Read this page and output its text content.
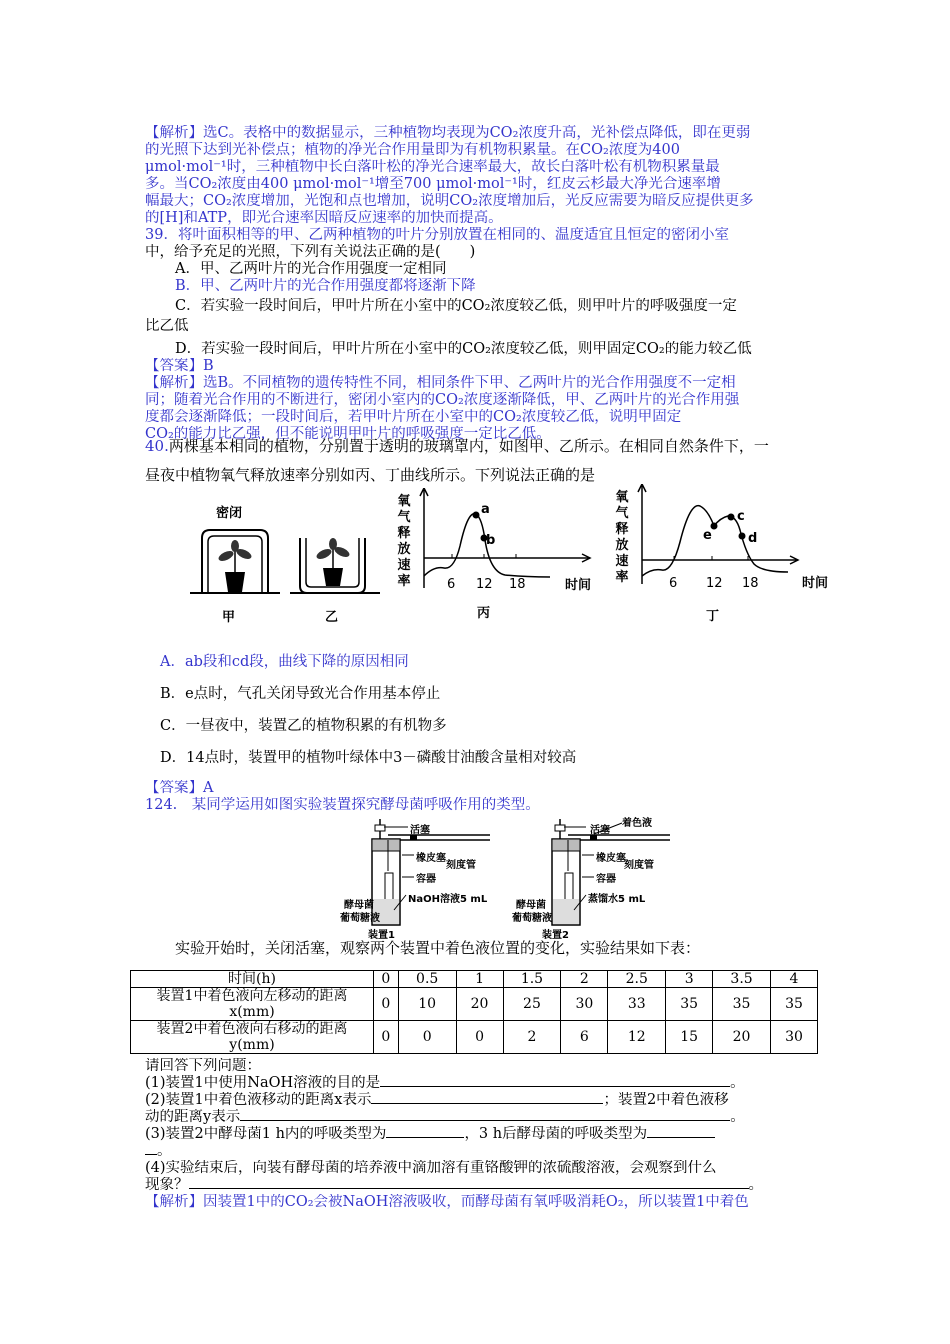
【解析】选C。表格中的数据显示，三种植物均表现为CO₂浓度升高，光补偿点降低，即在更弱
的光照下达到光补偿点；植物的净光合作用量即为有机物积累量。在CO₂浓度为400
μmol·mol⁻¹时，三种植物中长白落叶松的净光合速率最大，故长白落叶松有机物积累量最
多。当CO₂浓度由400 μmol·mol⁻¹增至700 μmol·mol⁻¹时，红皮云杉最大净光合速率增
幅最大；CO₂浓度增加，光饱和点也增加，说明CO₂浓度增加后，光反应需要为暗反应提供更多
的[H]和ATP，即光合速率因暗反应速率的加快而提高。
39．将叶面积相等的甲、乙两种植物的叶片分别放置在相同的、温度适宜且恒定的密闭小室
中，给予充足的光照，下列有关说法正确的是(　　)
A．甲、乙两叶片的光合作用强度一定相同
B．甲、乙两叶片的光合作用强度都将逐渐下降
C．若实验一段时间后，甲叶片所在小室中的CO₂浓度较乙低，则甲叶片的呼吸强度一定
比乙低
D．若实验一段时间后，甲叶片所在小室中的CO₂浓度较乙低，则甲固定CO₂的能力较乙低
【答案】B
【解析】选B。不同植物的遗传特性不同，相同条件下甲、乙两叶片的光合作用强度不一定相
同；随着光合作用的不断进行，密闭小室内的CO₂浓度逐渐降低，甲、乙两叶片的光合作用强
度都会逐渐降低；一段时间后，若甲叶片所在小室中的CO₂浓度较乙低，说明甲固定
CO₂的能力比乙强，但不能说明甲叶片的呼吸强度一定比乙低。
40.两棵基本相同的植物，分别置于透明的玻璃罩内，如图甲、乙所示。在相同自然条件下，一
昼夜中植物氧气释放速率分别如丙、丁曲线所示。下列说法正确的是
密闭
甲	乙
氧气释放速率
a
b
6 12 18	时间
丙
氧气释放速率
e
c
d
6 12 18	时间
丁
A．ab段和cd段，曲线下降的原因相同
B．e点时，气孔关闭导致光合作用基本停止
C．一昼夜中，装置乙的植物积累的有机物多
D．14点时，装置甲的植物叶绿体中3－磷酸甘油酸含量相对较高
【答案】A
124.　某同学运用如图实验装置探究酵母菌呼吸作用的类型。
活塞
橡皮塞
刻度管
容器
NaOH溶液5 mL
酵母菌
葡萄糖液
装置1
活塞
着色液
橡皮塞
刻度管
容器
蒸馏水5 mL
酵母菌
葡萄糖液
装置2
实验开始时，关闭活塞，观察两个装置中着色液位置的变化，实验结果如下表：
时间(h)	0	0.5	1	1.5	2	2.5	3	3.5	4
装置1中着色液向左移动的距离x(mm)	0	10	20	25	30	33	35	35	35
装置2中着色液向右移动的距离y(mm)	0	0	0	2	6	12	15	20	30
请回答下列问题：
(1)装置1中使用NaOH溶液的目的是	。
(2)装置1中着色液移动的距离x表示	；装置2中着色液移
动的距离y表示	。
(3)装置2中酵母菌1 h内的呼吸类型为	，3 h后酵母菌的呼吸类型为
。
(4)实验结束后，向装有酵母菌的培养液中滴加溶有重铬酸钾的浓硫酸溶液，会观察到什么
现象？	。
【解析】因装置1中的CO₂会被NaOH溶液吸收，而酵母菌有氧呼吸消耗O₂，所以装置1中着色
